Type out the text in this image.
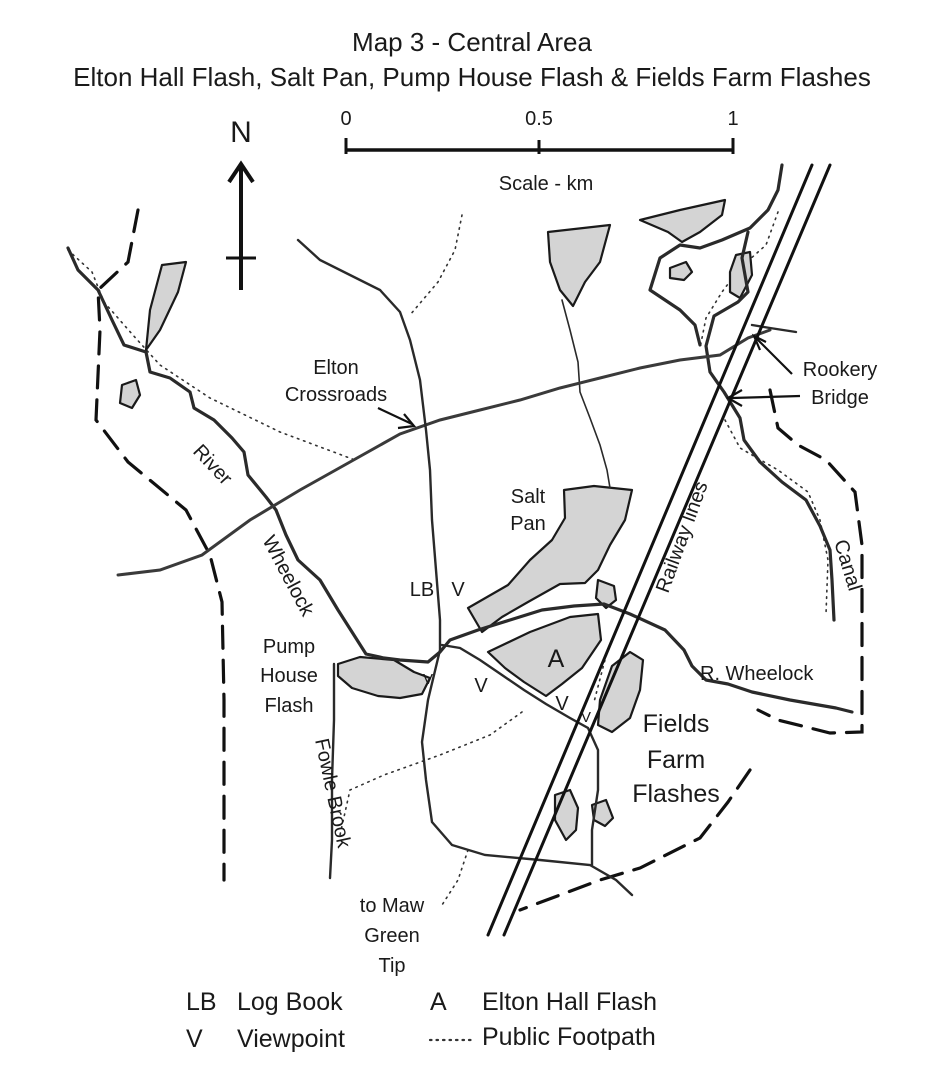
Map 3 - Central Area
Elton Hall Flash, Salt Pan, Pump House Flash & Fields Farm Flashes
N	0	0.5	1
Scale - km
Elton
Crossroads
Rookery
Bridge
River
Wheelock
Salt
Pan	Railway lines	Canal
LB V
Pump
House
Flash
A
V V
V
V
R. Wheelock
Fields
Farm
Flashes
Fowle Brook
to Maw
Green
Tip
LB Log Book
V Viewpoint
A Elton Hall Flash
Public Footpath
